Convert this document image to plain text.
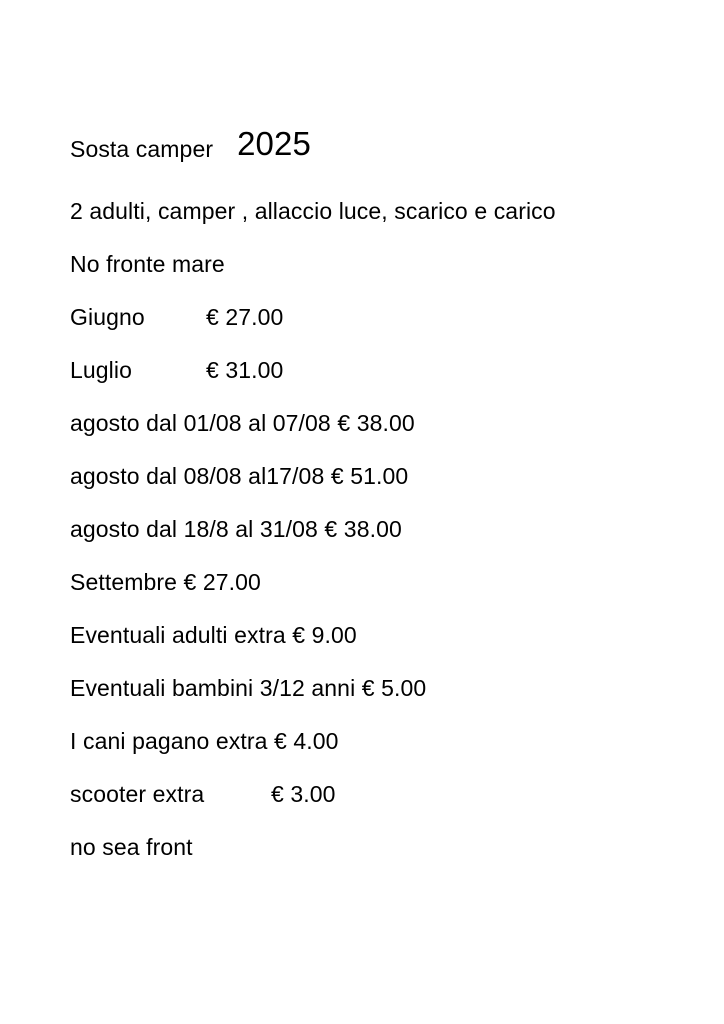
Sosta camper 2025
2 adulti, camper , allaccio luce, scarico e carico
No fronte mare
Giugno	€ 27.00
Luglio	€ 31.00
agosto dal 01/08 al 07/08 € 38.00
agosto dal 08/08 al17/08 € 51.00
agosto dal 18/8 al 31/08 € 38.00
Settembre € 27.00
Eventuali adulti extra € 9.00
Eventuali bambini 3/12 anni € 5.00
I cani pagano extra € 4.00
scooter extra	€ 3.00
no sea front
